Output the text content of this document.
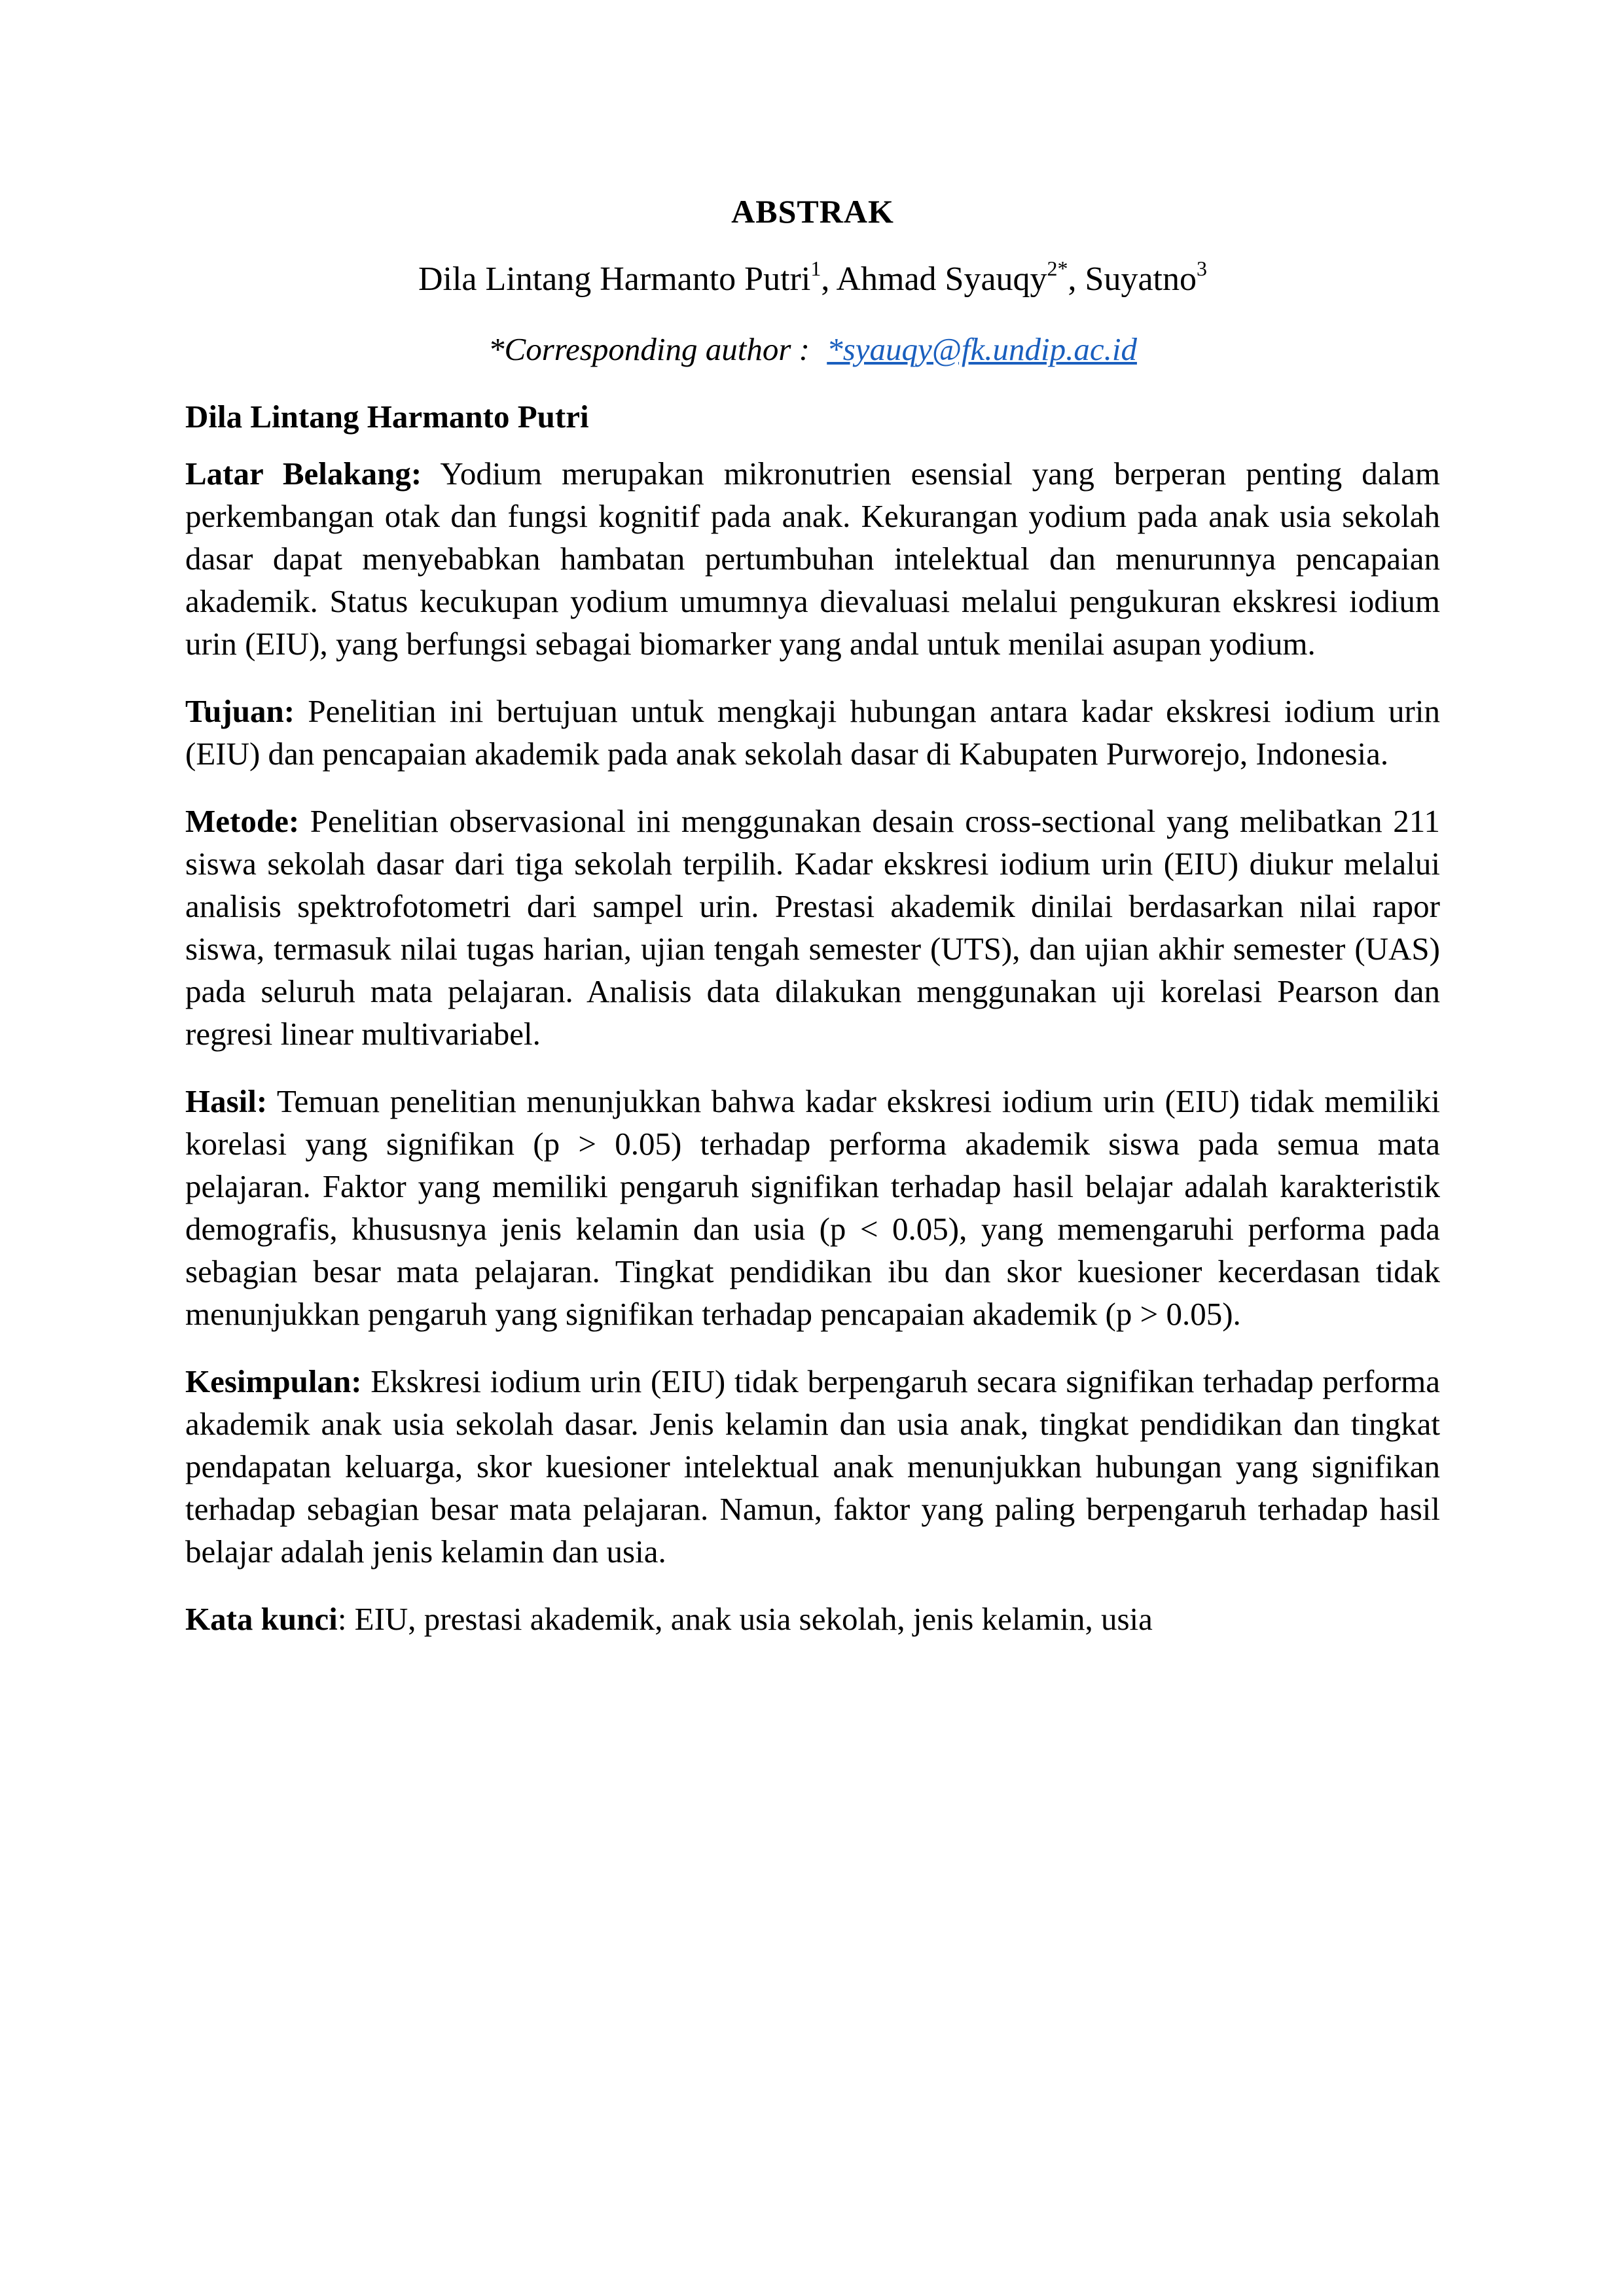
ABSTRAK
Dila Lintang Harmanto Putri$^1$, Ahmad Syauqy$^{2*}$, Suyatno$^3$
*Corresponding author : *syauqy@fk.undip.ac.id
Dila Lintang Harmanto Putri

Latar Belakang: Yodium merupakan mikronutrien esensial yang berperan penting dalam perkembangan otak dan fungsi kognitif pada anak. Kekurangan yodium pada anak usia sekolah dasar dapat menyebabkan hambatan pertumbuhan intelektual dan menurunnya pencapaian akademik. Status kecukupan yodium umumnya dievaluasi melalui pengukuran ekskresi iodium urin (EIU), yang berfungsi sebagai biomarker yang andal untuk menilai asupan yodium.

Tujuan: Penelitian ini bertujuan untuk mengkaji hubungan antara kadar ekskresi iodium urin (EIU) dan pencapaian akademik pada anak sekolah dasar di Kabupaten Purworejo, Indonesia.

Metode: Penelitian observasional ini menggunakan desain cross-sectional yang melibatkan 211 siswa sekolah dasar dari tiga sekolah terpilih. Kadar ekskresi iodium urin (EIU) diukur melalui analisis spektrofotometri dari sampel urin. Prestasi akademik dinilai berdasarkan nilai rapor siswa, termasuk nilai tugas harian, ujian tengah semester (UTS), dan ujian akhir semester (UAS) pada seluruh mata pelajaran. Analisis data dilakukan menggunakan uji korelasi Pearson dan regresi linear multivariabel.

Hasil: Temuan penelitian menunjukkan bahwa kadar ekskresi iodium urin (EIU) tidak memiliki korelasi yang signifikan (p > 0.05) terhadap performa akademik siswa pada semua mata pelajaran. Faktor yang memiliki pengaruh signifikan terhadap hasil belajar adalah karakteristik demografis, khususnya jenis kelamin dan usia (p < 0.05), yang memengaruhi performa pada sebagian besar mata pelajaran. Tingkat pendidikan ibu dan skor kuesioner kecerdasan tidak menunjukkan pengaruh yang signifikan terhadap pencapaian akademik (p > 0.05).

Kesimpulan: Ekskresi iodium urin (EIU) tidak berpengaruh secara signifikan terhadap performa akademik anak usia sekolah dasar. Jenis kelamin dan usia anak, tingkat pendidikan dan tingkat pendapatan keluarga, skor kuesioner intelektual anak menunjukkan hubungan yang signifikan terhadap sebagian besar mata pelajaran. Namun, faktor yang paling berpengaruh terhadap hasil belajar adalah jenis kelamin dan usia.

Kata kunci: EIU, prestasi akademik, anak usia sekolah, jenis kelamin, usia
